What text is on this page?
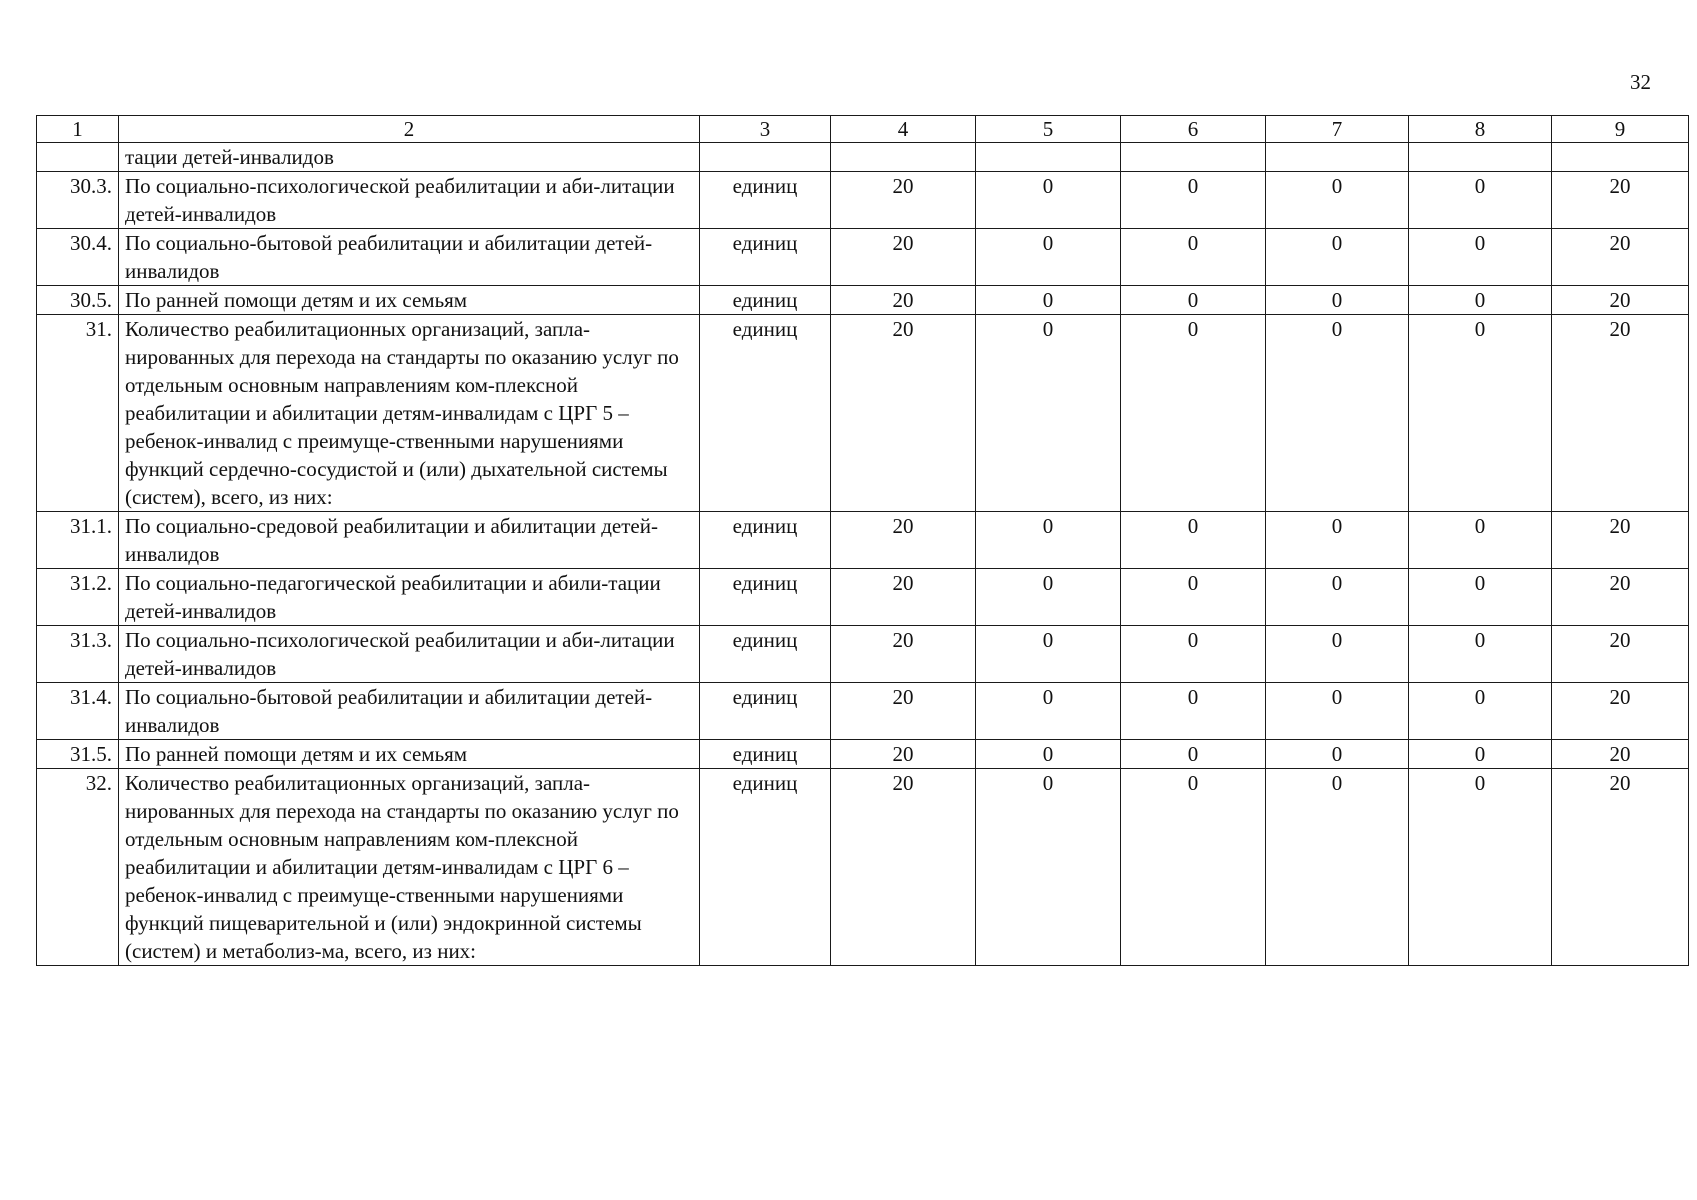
32
1	2	3	4	5	6	7	8	9
	тации детей-инвалидов							
30.3.	По социально-психологической реабилитации и аби-литации детей-инвалидов	единиц	20	0	0	0	0	20
30.4.	По социально-бытовой реабилитации и абилитации детей-инвалидов	единиц	20	0	0	0	0	20
30.5.	По ранней помощи детям и их семьям	единиц	20	0	0	0	0	20
31.	Количество реабилитационных организаций, запла-нированных для перехода на стандарты по оказанию услуг по отдельным основным направлениям ком-плексной реабилитации и абилитации детям-инвалидам с ЦРГ 5 – ребенок-инвалид с преимуще-ственными нарушениями функций сердечно-сосудистой и (или) дыхательной системы (систем), всего, из них:	единиц	20	0	0	0	0	20
31.1.	По социально-средовой реабилитации и абилитации детей-инвалидов	единиц	20	0	0	0	0	20
31.2.	По социально-педагогической реабилитации и абили-тации детей-инвалидов	единиц	20	0	0	0	0	20
31.3.	По социально-психологической реабилитации и аби-литации детей-инвалидов	единиц	20	0	0	0	0	20
31.4.	По социально-бытовой реабилитации и абилитации детей-инвалидов	единиц	20	0	0	0	0	20
31.5.	По ранней помощи детям и их семьям	единиц	20	0	0	0	0	20
32.	Количество реабилитационных организаций, запла-нированных для перехода на стандарты по оказанию услуг по отдельным основным направлениям ком-плексной реабилитации и абилитации детям-инвалидам с ЦРГ 6 – ребенок-инвалид с преимуще-ственными нарушениями функций пищеварительной и (или) эндокринной системы (систем) и метаболиз-ма, всего, из них:	единиц	20	0	0	0	0	20
